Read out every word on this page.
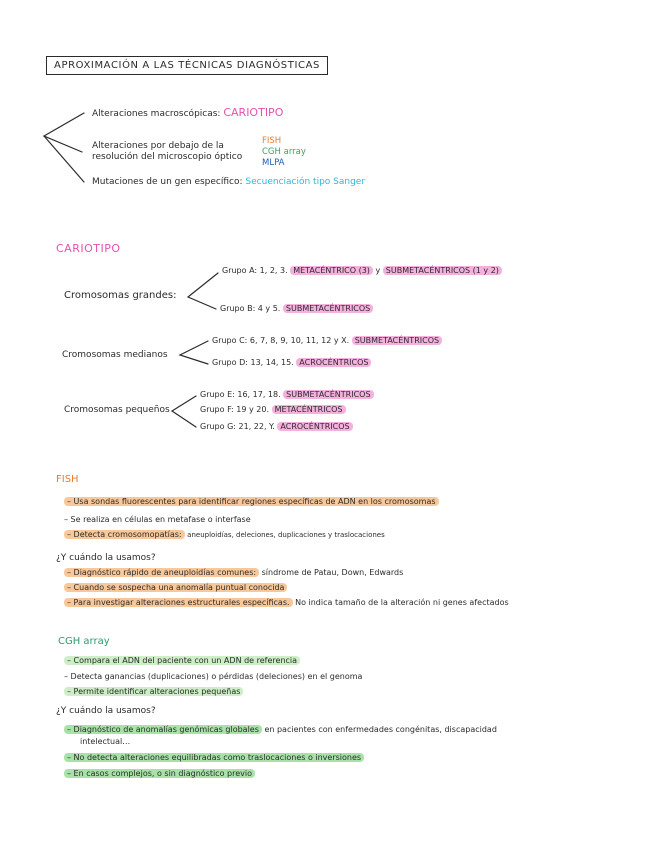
APROXIMACIÓN A LAS TÉCNICAS DIAGNÓSTICAS
Alteraciones macroscópicas: CARIOTIPO
Alteraciones por debajo de la
resolución del microscopio óptico
FISH
CGH array
MLPA
Mutaciones de un gen específico: Secuenciación tipo Sanger
CARIOTIPO
Cromosomas grandes:
Grupo A: 1, 2, 3. METACÉNTRICO (3) y SUBMETACÉNTRICOS (1 y 2)
Grupo B: 4 y 5. SUBMETACÉNTRICOS
Cromosomas medianos
Grupo C: 6, 7, 8, 9, 10, 11, 12 y X. SUBMETACÉNTRICOS
Grupo D: 13, 14, 15. ACROCÉNTRICOS
Cromosomas pequeños
Grupo E: 16, 17, 18. SUBMETACÉNTRICOS
Grupo F: 19 y 20. METACÉNTRICOS
Grupo G: 21, 22, Y. ACROCÉNTRICOS
FISH
– Usa sondas fluorescentes para identificar regiones específicas de ADN en los cromosomas
– Se realiza en células en metafase o interfase
– Detecta cromosomopatías: aneuploidías, deleciones, duplicaciones y traslocaciones
¿Y cuándo la usamos?
– Diagnóstico rápido de aneuploidías comunes: síndrome de Patau, Down, Edwards
– Cuando se sospecha una anomalía puntual conocida
– Para investigar alteraciones estructurales específicas. No indica tamaño de la alteración ni genes afectados
CGH array
– Compara el ADN del paciente con un ADN de referencia
– Detecta ganancias (duplicaciones) o pérdidas (deleciones) en el genoma
– Permite identificar alteraciones pequeñas
¿Y cuándo la usamos?
– Diagnóstico de anomalías genómicas globales en pacientes con enfermedades congénitas, discapacidad
intelectual…
– No detecta alteraciones equilibradas como traslocaciones o inversiones
– En casos complejos, o sin diagnóstico previo
